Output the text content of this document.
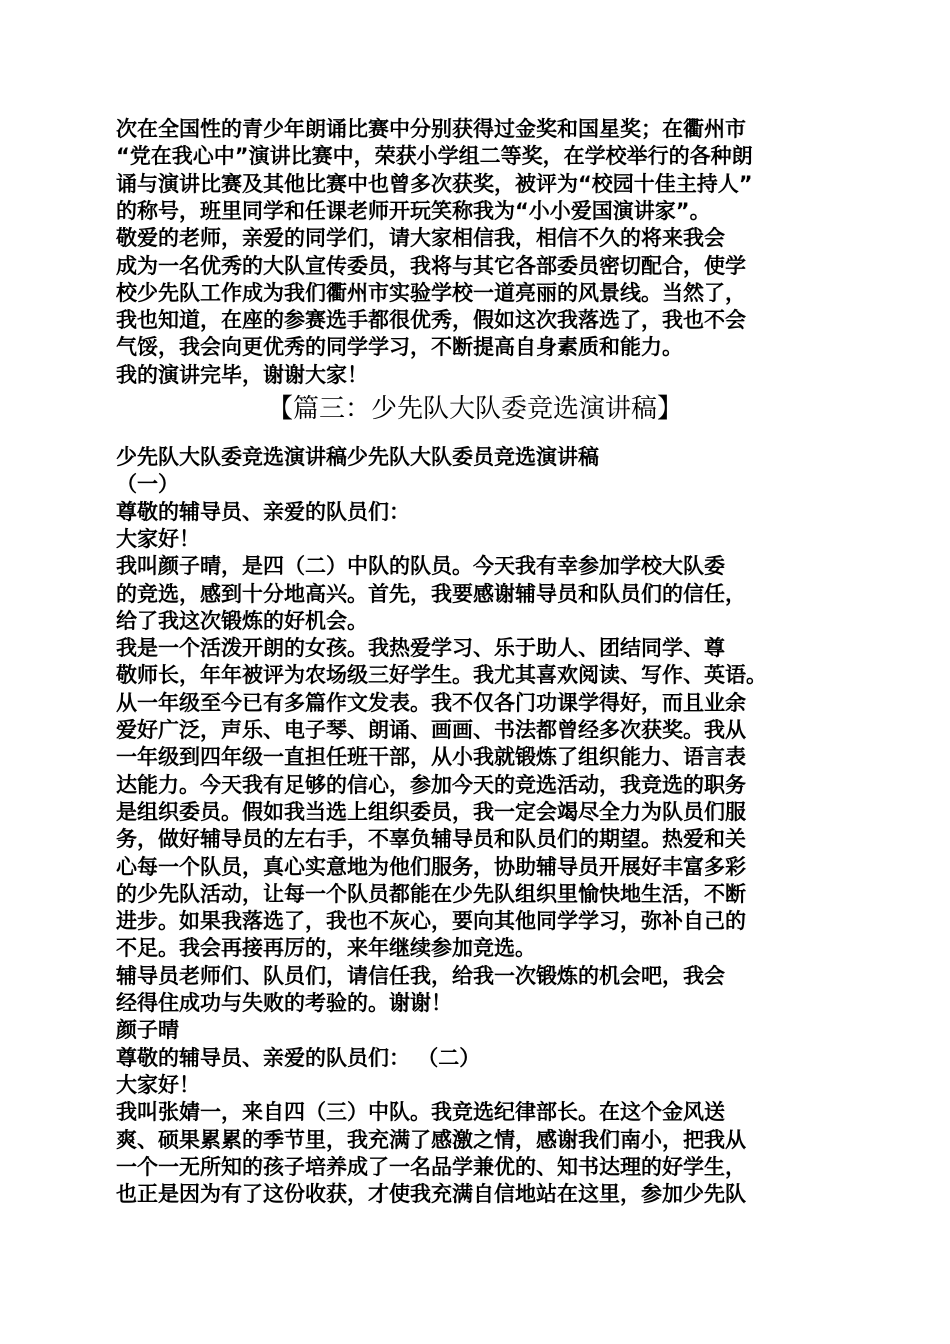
次在全国性的青少年朗诵比赛中分别获得过金奖和国星奖；在衢州市
“党在我心中”演讲比赛中，荣获小学组二等奖，在学校举行的各种朗
诵与演讲比赛及其他比赛中也曾多次获奖，被评为“校园十佳主持人”
的称号，班里同学和任课老师开玩笑称我为“小小爱国演讲家”。
敬爱的老师，亲爱的同学们，请大家相信我，相信不久的将来我会
成为一名优秀的大队宣传委员，我将与其它各部委员密切配合，使学
校少先队工作成为我们衢州市实验学校一道亮丽的风景线。当然了，
我也知道，在座的参赛选手都很优秀，假如这次我落选了，我也不会
气馁，我会向更优秀的同学学习，不断提高自身素质和能力。
我的演讲完毕，谢谢大家！
【篇三：少先队大队委竞选演讲稿】
少先队大队委竞选演讲稿少先队大队委员竞选演讲稿
（一）
尊敬的辅导员、亲爱的队员们：
大家好！
我叫颜子晴，是四（二）中队的队员。今天我有幸参加学校大队委
的竞选，感到十分地高兴。首先，我要感谢辅导员和队员们的信任，
给了我这次锻炼的好机会。
我是一个活泼开朗的女孩。我热爱学习、乐于助人、团结同学、尊
敬师长，年年被评为农场级三好学生。我尤其喜欢阅读、写作、英语。
从一年级至今已有多篇作文发表。我不仅各门功课学得好，而且业余
爱好广泛，声乐、电子琴、朗诵、画画、书法都曾经多次获奖。我从
一年级到四年级一直担任班干部，从小我就锻炼了组织能力、语言表
达能力。今天我有足够的信心，参加今天的竞选活动，我竞选的职务
是组织委员。假如我当选上组织委员，我一定会竭尽全力为队员们服
务，做好辅导员的左右手，不辜负辅导员和队员们的期望。热爱和关
心每一个队员，真心实意地为他们服务，协助辅导员开展好丰富多彩
的少先队活动，让每一个队员都能在少先队组织里愉快地生活，不断
进步。如果我落选了，我也不灰心，要向其他同学学习，弥补自己的
不足。我会再接再厉的，来年继续参加竞选。
辅导员老师们、队员们，请信任我，给我一次锻炼的机会吧，我会
经得住成功与失败的考验的。谢谢！
颜子晴
尊敬的辅导员、亲爱的队员们： （二）
大家好！
我叫张婧一，来自四（三）中队。我竞选纪律部长。在这个金风送
爽、硕果累累的季节里，我充满了感激之情，感谢我们南小，把我从
一个一无所知的孩子培养成了一名品学兼优的、知书达理的好学生，
也正是因为有了这份收获，才使我充满自信地站在这里，参加少先队
